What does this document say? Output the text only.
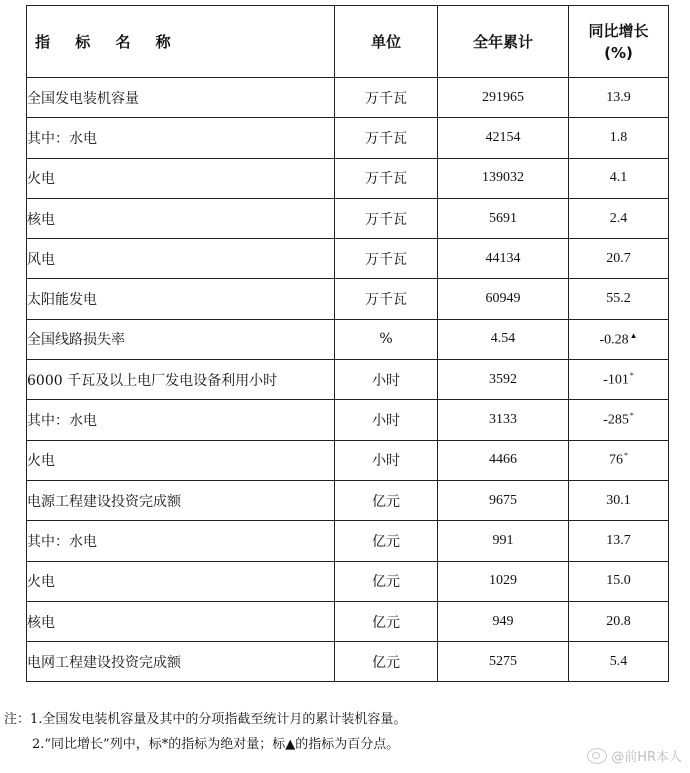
指 标 名 称	单位	全年累计	同比增长
(%)

全国发电装机容量	万千瓦	291965	13.9
其中：水电	万千瓦	42154	1.8
火电	万千瓦	139032	4.1
核电	万千瓦	5691	2.4
风电	万千瓦	44134	20.7
太阳能发电	万千瓦	60949	55.2
全国线路损失率	%	4.54	-0.28▲
6000 千瓦及以上电厂发电设备利用小时	小时	3592	-101*
其中：水电	小时	3133	-285*
火电	小时	4466	76*
电源工程建设投资完成额	亿元	9675	30.1
其中：水电	亿元	991	13.7
火电	亿元	1029	15.0
核电	亿元	949	20.8
电网工程建设投资完成额	亿元	5275	5.4
注：1.全国发电装机容量及其中的分项指截至统计月的累计装机容量。
2.“同比增长”列中，标*的指标为绝对量；标▲的指标为百分点。
@前HR本人
